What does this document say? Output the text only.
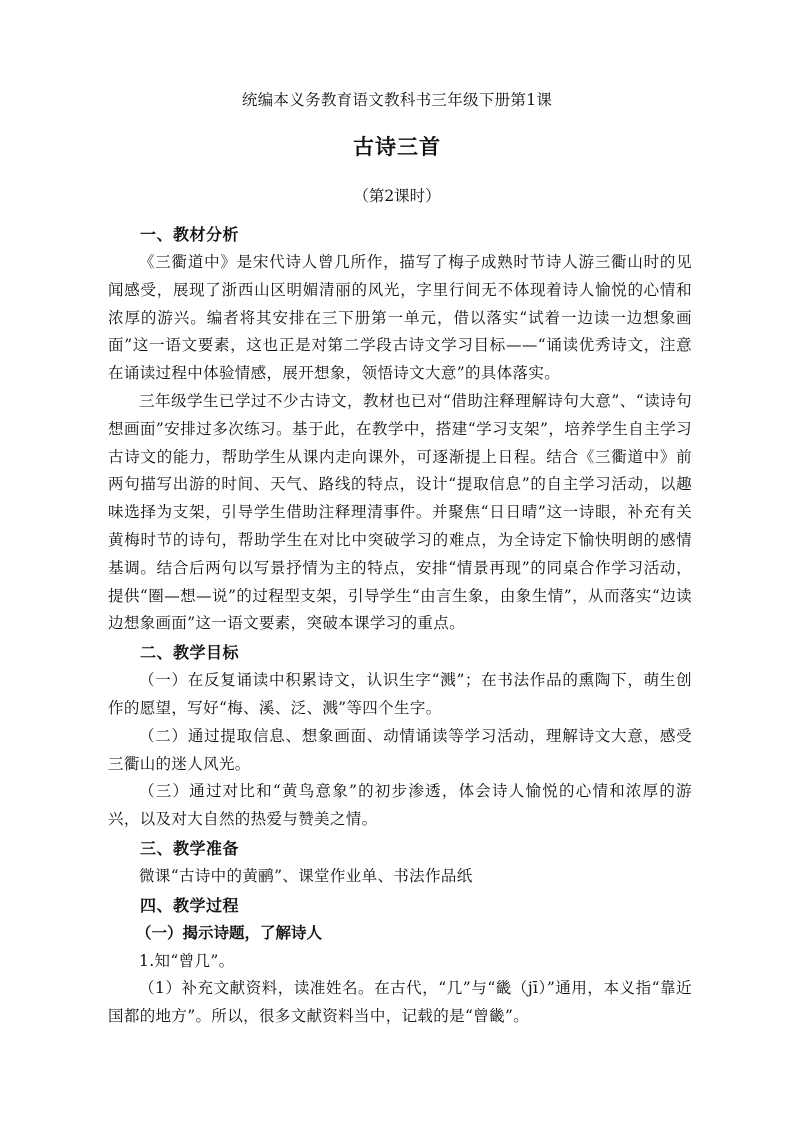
统编本义务教育语文教科书三年级下册第1课
古诗三首
（第2课时）
一、教材分析

《三衢道中》是宋代诗人曾几所作，描写了梅子成熟时节诗人游三衢山时的见闻感受，展现了浙西山区明媚清丽的风光，字里行间无不体现着诗人愉悦的心情和浓厚的游兴。编者将其安排在三下册第一单元，借以落实“试着一边读一边想象画面”这一语文要素，这也正是对第二学段古诗文学习目标——“诵读优秀诗文，注意在诵读过程中体验情感，展开想象，领悟诗文大意”的具体落实。

三年级学生已学过不少古诗文，教材也已对“借助注释理解诗句大意”、“读诗句想画面”安排过多次练习。基于此，在教学中，搭建“学习支架”，培养学生自主学习古诗文的能力，帮助学生从课内走向课外，可逐渐提上日程。结合《三衢道中》前两句描写出游的时间、天气、路线的特点，设计“提取信息”的自主学习活动，以趣味选择为支架，引导学生借助注释理清事件。并聚焦“日日晴”这一诗眼，补充有关黄梅时节的诗句，帮助学生在对比中突破学习的难点，为全诗定下愉快明朗的感情基调。结合后两句以写景抒情为主的特点，安排“情景再现”的同桌合作学习活动，提供“圈—想—说”的过程型支架，引导学生“由言生象，由象生情”，从而落实“边读边想象画面”这一语文要素，突破本课学习的重点。

二、教学目标

（一）在反复诵读中积累诗文，认识生字“溅”；在书法作品的熏陶下，萌生创作的愿望，写好“梅、溪、泛、溅”等四个生字。

（二）通过提取信息、想象画面、动情诵读等学习活动，理解诗文大意，感受三衢山的迷人风光。

（三）通过对比和“黄鸟意象”的初步渗透，体会诗人愉悦的心情和浓厚的游兴，以及对大自然的热爱与赞美之情。

三、教学准备

微课“古诗中的黄鹂”、课堂作业单、书法作品纸

四、教学过程
（一）揭示诗题，了解诗人

1.知“曾几”。

（1）补充文献资料，读准姓名。在古代，“几”与“畿（jī）”通用，本义指“靠近国都的地方”。所以，很多文献资料当中，记载的是“曾畿”。
